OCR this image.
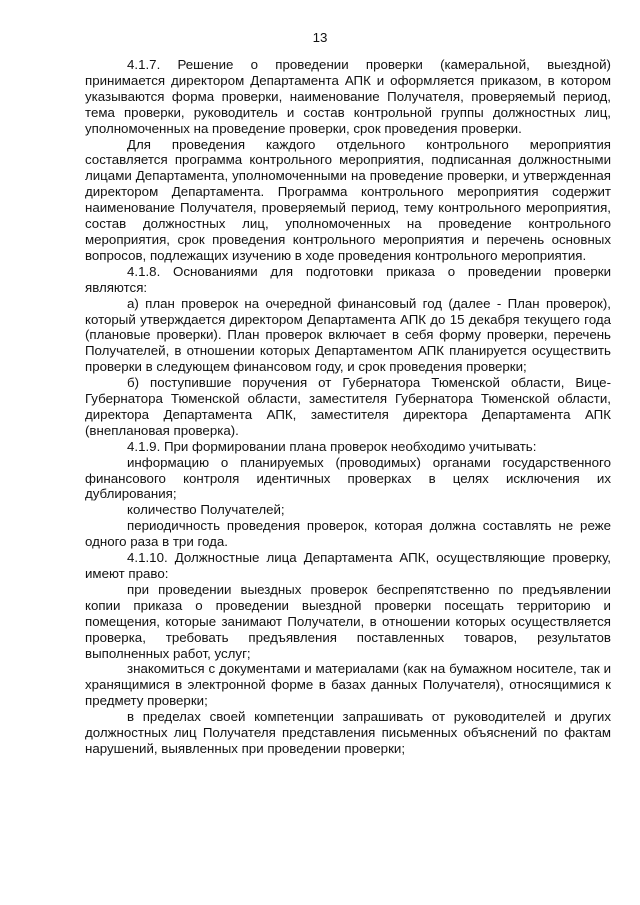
13

4.1.7. Решение о проведении проверки (камеральной, выездной) принимается директором Департамента АПК и оформляется приказом, в котором указываются форма проверки, наименование Получателя, проверяемый период, тема проверки, руководитель и состав контрольной группы должностных лиц, уполномоченных на проведение проверки, срок проведения проверки.

Для проведения каждого отдельного контрольного мероприятия составляется программа контрольного мероприятия, подписанная должностными лицами Департамента, уполномоченными на проведение проверки, и утвержденная директором Департамента. Программа контрольного мероприятия содержит наименование Получателя, проверяемый период, тему контрольного мероприятия, состав должностных лиц, уполномоченных на проведение контрольного мероприятия, срок проведения контрольного мероприятия и перечень основных вопросов, подлежащих изучению в ходе проведения контрольного мероприятия.

4.1.8. Основаниями для подготовки приказа о проведении проверки являются:

а) план проверок на очередной финансовый год (далее - План проверок), который утверждается директором Департамента АПК до 15 декабря текущего года (плановые проверки). План проверок включает в себя форму проверки, перечень Получателей, в отношении которых Департаментом АПК планируется осуществить проверки в следующем финансовом году, и срок проведения проверки;

б) поступившие поручения от Губернатора Тюменской области, Вице-Губернатора Тюменской области, заместителя Губернатора Тюменской области, директора Департамента АПК, заместителя директора Департамента АПК (внеплановая проверка).

4.1.9. При формировании плана проверок необходимо учитывать:

информацию о планируемых (проводимых) органами государственного финансового контроля идентичных проверках в целях исключения их дублирования;

количество Получателей;

периодичность проведения проверок, которая должна составлять не реже одного раза в три года.

4.1.10. Должностные лица Департамента АПК, осуществляющие проверку, имеют право:

при проведении выездных проверок беспрепятственно по предъявлении копии приказа о проведении выездной проверки посещать территорию и помещения, которые занимают Получатели, в отношении которых осуществляется проверка, требовать предъявления поставленных товаров, результатов выполненных работ, услуг;

знакомиться с документами и материалами (как на бумажном носителе, так и хранящимися в электронной форме в базах данных Получателя), относящимися к предмету проверки;

в пределах своей компетенции запрашивать от руководителей и других должностных лиц Получателя представления письменных объяснений по фактам нарушений, выявленных при проведении проверки;
